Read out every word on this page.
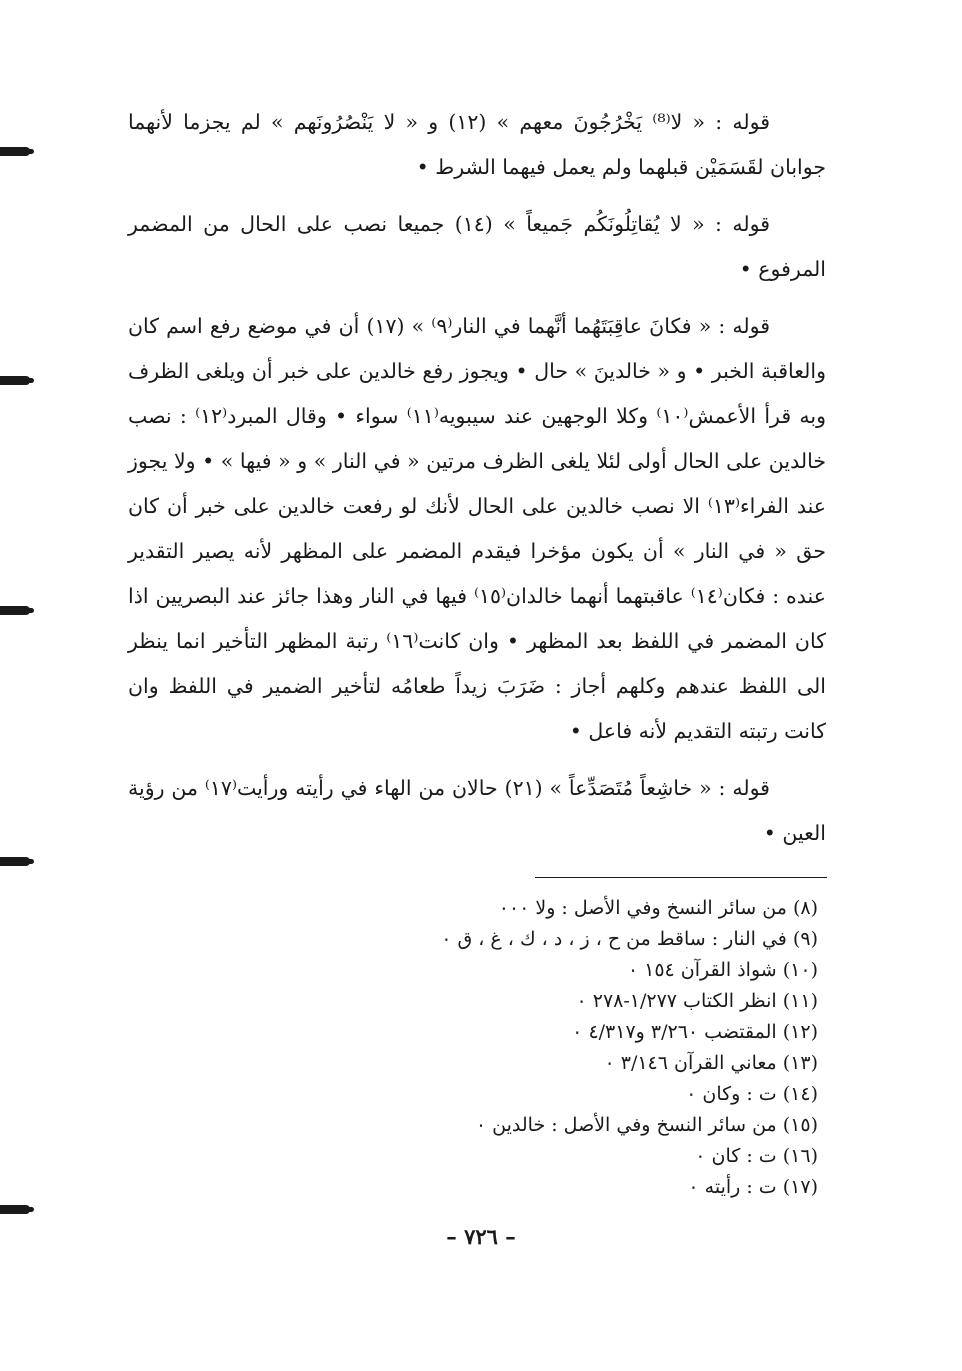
قوله : « لا⁽⁸⁾ يَخْرُجُونَ معهم » (١٢) و « لا يَنْصُرُونَهم » لم يجزما لأنهما جوابان لقَسَمَيْن قبلهما ولم يعمل فيهما الشرط •

قوله : « لا يُقاتِلُونَكُم جَميعاً » (١٤) جميعا نصب على الحال من المضمر المرفوع •

قوله : « فكانَ عاقِبَتَهُما أنَّهما في النار⁽٩⁾ » (١٧) أن في موضع رفع اسم كان والعاقبة الخبر • و « خالدينَ » حال • ويجوز رفع خالدين على خبر أن ويلغى الظرف وبه قرأ الأعمش⁽١٠⁾ وكلا الوجهين عند سيبويه⁽١١⁾ سواء • وقال المبرد⁽١٢⁾ : نصب خالدين على الحال أولى لئلا يلغى الظرف مرتين « في النار » و « فيها » • ولا يجوز عند الفراء⁽١٣⁾ الا نصب خالدين على الحال لأنك لو رفعت خالدين على خبر أن كان حق « في النار » أن يكون مؤخرا فيقدم المضمر على المظهر لأنه يصير التقدير عنده : فكان⁽١٤⁾ عاقبتهما أنهما خالدان⁽١٥⁾ فيها في النار وهذا جائز عند البصريين اذا كان المضمر في اللفظ بعد المظهر • وان كانت⁽١٦⁾ رتبة المظهر التأخير انما ينظر الى اللفظ عندهم وكلهم أجاز : ضَرَبَ زيداً طعامُه لتأخير الضمير في اللفظ وان كانت رتبته التقديم لأنه فاعل •

قوله : « خاشِعاً مُتَصَدِّعاً » (٢١) حالان من الهاء في رأيته ورأيت⁽١٧⁾ من رؤية العين •

(٨) من سائر النسخ وفي الأصل : ولا ٠٠٠
(٩) في النار : ساقط من ح ، ز ، د ، ك ، غ ، ق ٠
(١٠) شواذ القرآن ١٥٤ ٠
(١١) انظر الكتاب ١/٢٧٧-٢٧٨ ٠
(١٢) المقتضب ٣/٢٦٠ و٤/٣١٧ ٠
(١٣) معاني القرآن ٣/١٤٦ ٠
(١٤) ت : وكان ٠
(١٥) من سائر النسخ وفي الأصل : خالدين ٠
(١٦) ت : كان ٠
(١٧) ت : رأيته ٠
– ٧٢٦ –
